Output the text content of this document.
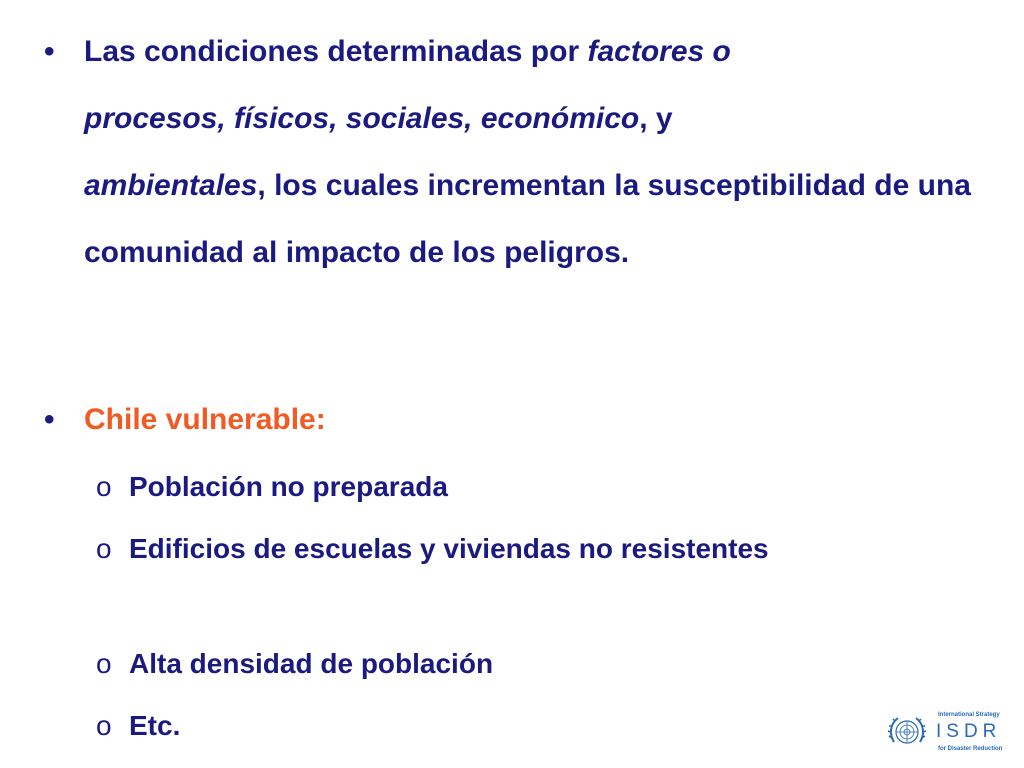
• Las condiciones determinadas por factores o
procesos, físicos, sociales, económico, y
ambientales, los cuales incrementan la susceptibilidad de una comunidad al impacto de los peligros.
• Chile vulnerable:
o Población no preparada
o Edificios de escuelas y viviendas no resistentes
o Alta densidad de población
o Etc.	International Strategy
ISDR
for Disaster Reduction
